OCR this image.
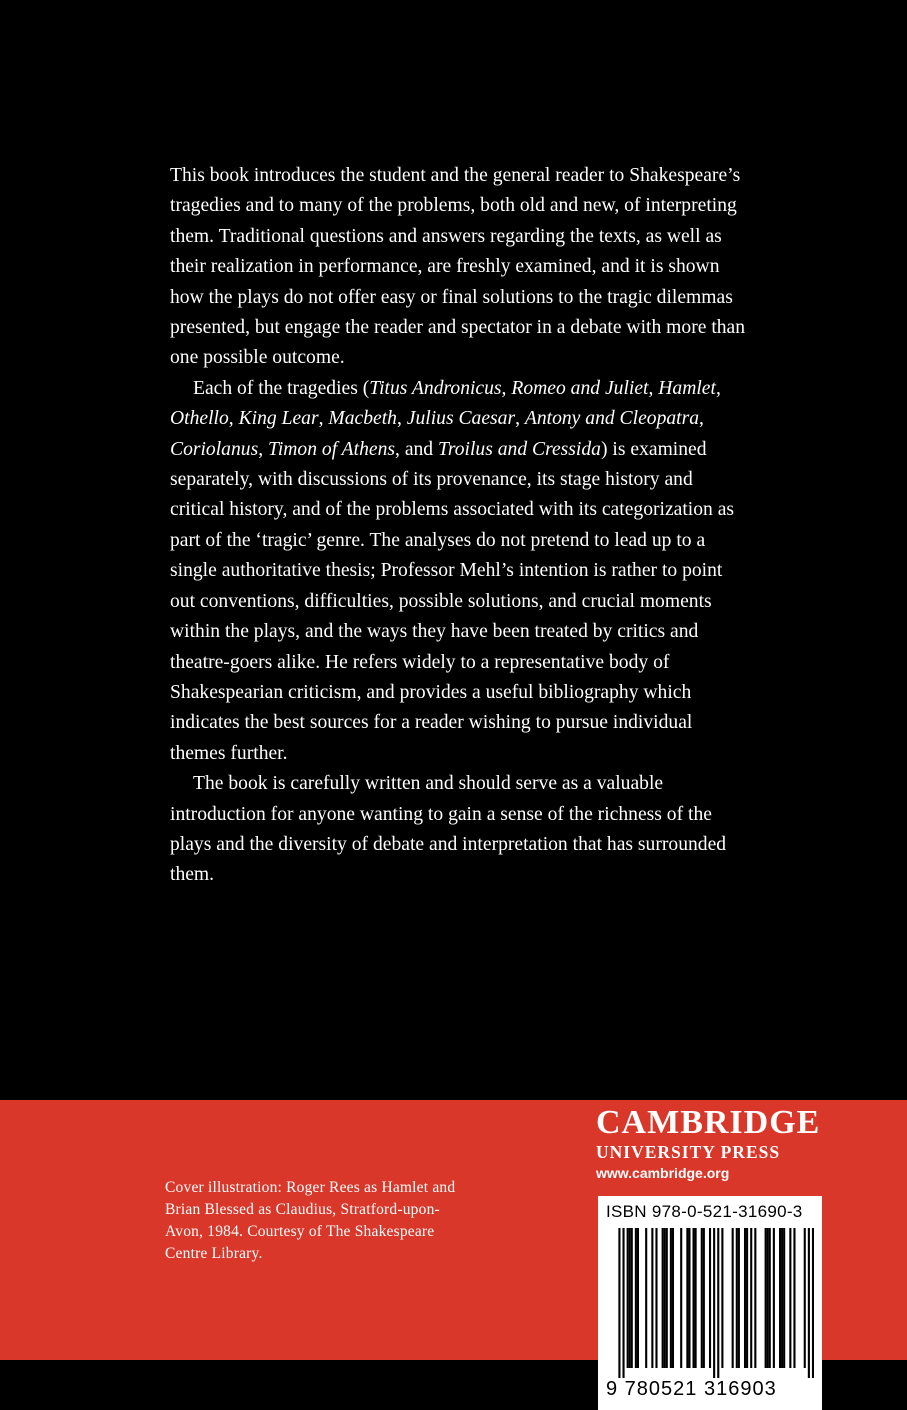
This book introduces the student and the general reader to Shakespeare’s tragedies and to many of the problems, both old and new, of interpreting them. Traditional questions and answers regarding the texts, as well as their realization in performance, are freshly examined, and it is shown how the plays do not offer easy or final solutions to the tragic dilemmas presented, but engage the reader and spectator in a debate with more than one possible outcome.

Each of the tragedies (Titus Andronicus, Romeo and Juliet, Hamlet, Othello, King Lear, Macbeth, Julius Caesar, Antony and Cleopatra, Coriolanus, Timon of Athens, and Troilus and Cressida) is examined separately, with discussions of its provenance, its stage history and critical history, and of the problems associated with its categorization as part of the ‘tragic’ genre. The analyses do not pretend to lead up to a single authoritative thesis; Professor Mehl’s intention is rather to point out conventions, difficulties, possible solutions, and crucial moments within the plays, and the ways they have been treated by critics and theatre-goers alike. He refers widely to a representative body of Shakespearian criticism, and provides a useful bibliography which indicates the best sources for a reader wishing to pursue individual themes further.

The book is carefully written and should serve as a valuable introduction for anyone wanting to gain a sense of the richness of the plays and the diversity of debate and interpretation that has surrounded them.

Cover illustration: Roger Rees as Hamlet and Brian Blessed as Claudius, Stratford-upon-Avon, 1984. Courtesy of The Shakespeare Centre Library.
CAMBRIDGE
UNIVERSITY PRESS
www.cambridge.org
ISBN 978-0-521-31690-3
9 780521 316903
